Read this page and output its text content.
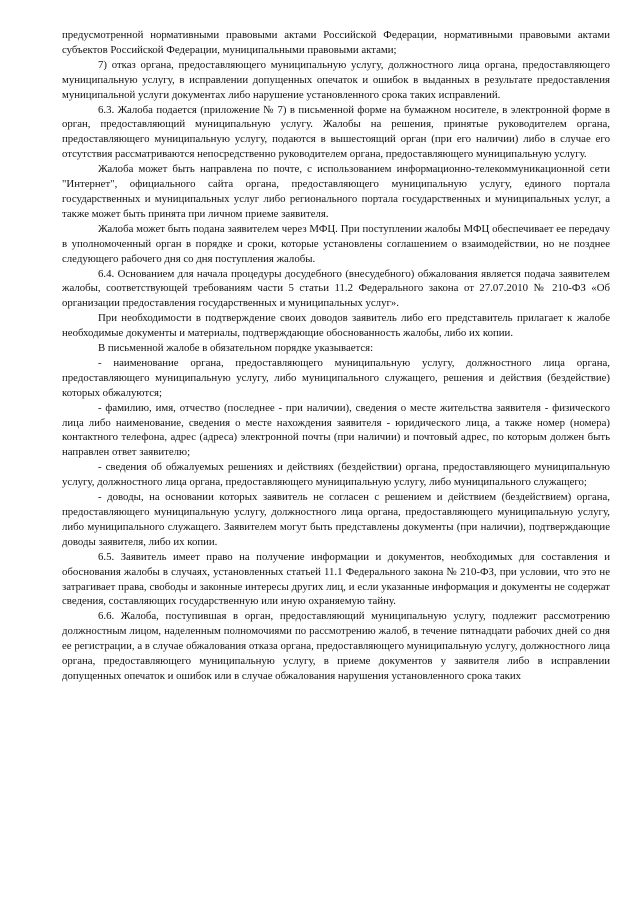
предусмотренной нормативными правовыми актами Российской Федерации, нормативными правовыми актами субъектов Российской Федерации, муниципальными правовыми актами;

7) отказ органа, предоставляющего муниципальную услугу, должностного лица органа, предоставляющего муниципальную услугу, в исправлении допущенных опечаток и ошибок в выданных в результате предоставления муниципальной услуги документах либо нарушение установленного срока таких исправлений.

6.3. Жалоба подается (приложение № 7) в письменной форме на бумажном носителе, в электронной форме в орган, предоставляющий муниципальную услугу. Жалобы на решения, принятые руководителем органа, предоставляющего муниципальную услугу, подаются в вышестоящий орган (при его наличии) либо в случае его отсутствия рассматриваются непосредственно руководителем органа, предоставляющего муниципальную услугу.

Жалоба может быть направлена по почте, с использованием информационно-телекоммуникационной сети "Интернет", официального сайта органа, предоставляющего муниципальную услугу, единого портала государственных и муниципальных услуг либо регионального портала государственных и муниципальных услуг, а также может быть принята при личном приеме заявителя.

Жалоба может быть подана заявителем через МФЦ. При поступлении жалобы МФЦ обеспечивает ее передачу в уполномоченный орган в порядке и сроки, которые установлены соглашением о взаимодействии, но не позднее следующего рабочего дня со дня поступления жалобы.

6.4. Основанием для начала процедуры досудебного (внесудебного) обжалования является подача заявителем жалобы, соответствующей требованиям части 5 статьи 11.2 Федерального закона от 27.07.2010 № 210-ФЗ «Об организации предоставления государственных и муниципальных услуг».

При необходимости в подтверждение своих доводов заявитель либо его представитель прилагает к жалобе необходимые документы и материалы, подтверждающие обоснованность жалобы, либо их копии.

В письменной жалобе в обязательном порядке указывается:

- наименование органа, предоставляющего муниципальную услугу, должностного лица органа, предоставляющего муниципальную услугу, либо муниципального служащего, решения и действия (бездействие) которых обжалуются;

- фамилию, имя, отчество (последнее - при наличии), сведения о месте жительства заявителя - физического лица либо наименование, сведения о месте нахождения заявителя - юридического лица, а также номер (номера) контактного телефона, адрес (адреса) электронной почты (при наличии) и почтовый адрес, по которым должен быть направлен ответ заявителю;

- сведения об обжалуемых решениях и действиях (бездействии) органа, предоставляющего муниципальную услугу, должностного лица органа, предоставляющего муниципальную услугу, либо муниципального служащего;

- доводы, на основании которых заявитель не согласен с решением и действием (бездействием) органа, предоставляющего муниципальную услугу, должностного лица органа, предоставляющего муниципальную услугу, либо муниципального служащего. Заявителем могут быть представлены документы (при наличии), подтверждающие доводы заявителя, либо их копии.

6.5. Заявитель имеет право на получение информации и документов, необходимых для составления и обоснования жалобы в случаях, установленных статьей 11.1 Федерального закона № 210-ФЗ, при условии, что это не затрагивает права, свободы и законные интересы других лиц, и если указанные информация и документы не содержат сведения, составляющих государственную или иную охраняемую тайну.

6.6. Жалоба, поступившая в орган, предоставляющий муниципальную услугу, подлежит рассмотрению должностным лицом, наделенным полномочиями по рассмотрению жалоб, в течение пятнадцати рабочих дней со дня ее регистрации, а в случае обжалования отказа органа, предоставляющего муниципальную услугу, должностного лица органа, предоставляющего муниципальную услугу, в приеме документов у заявителя либо в исправлении допущенных опечаток и ошибок или в случае обжалования нарушения установленного срока таких
